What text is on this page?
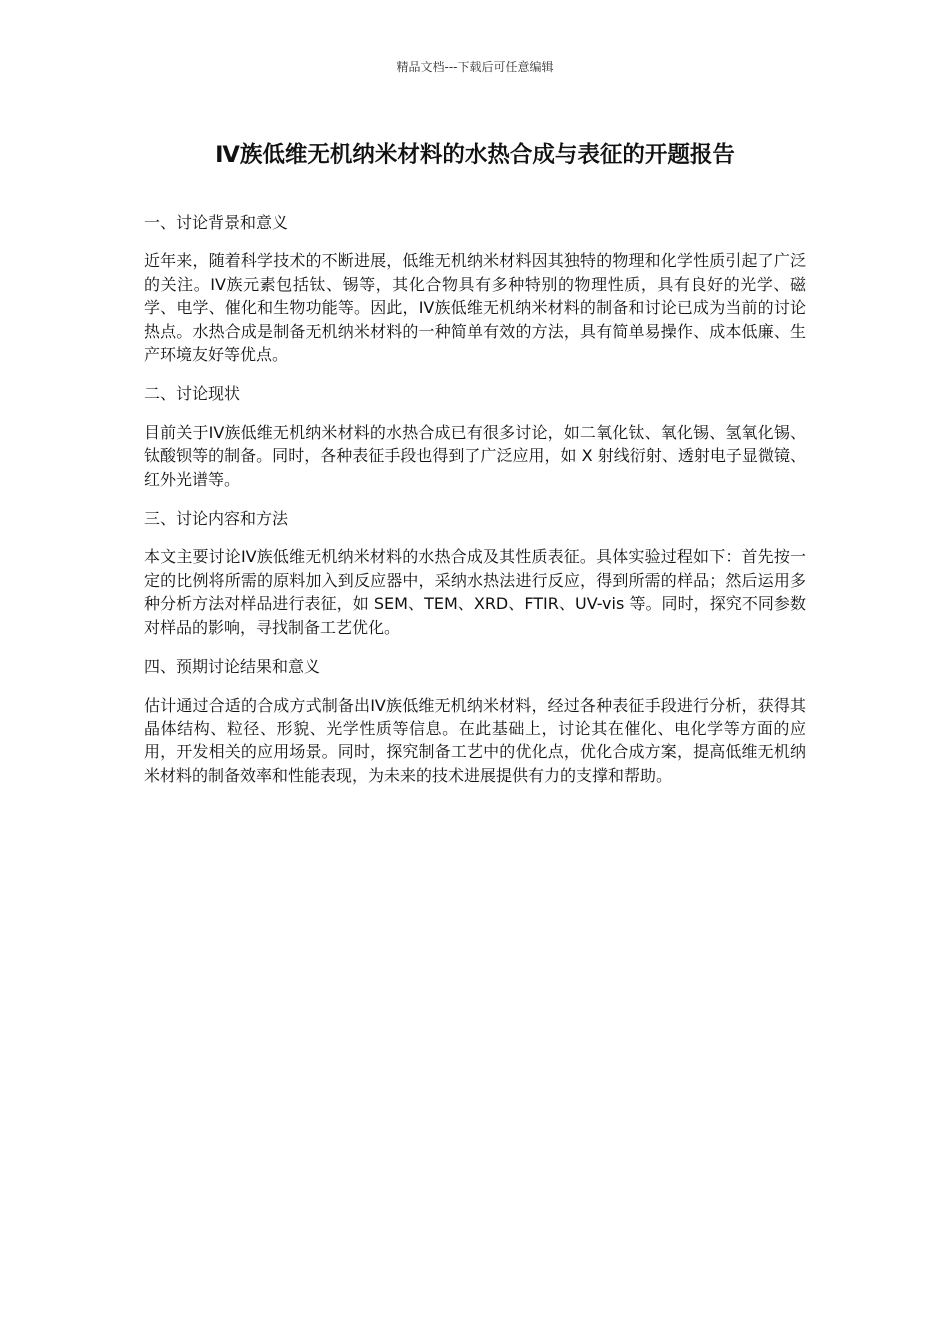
精品文档---下载后可任意编辑
Ⅳ族低维无机纳米材料的水热合成与表征的开题报告

一、讨论背景和意义

近年来，随着科学技术的不断进展，低维无机纳米材料因其独特的物理和化学性质引起了广泛的关注。IV族元素包括钛、锡等，其化合物具有多种特别的物理性质，具有良好的光学、磁学、电学、催化和生物功能等。因此，IV族低维无机纳米材料的制备和讨论已成为当前的讨论热点。水热合成是制备无机纳米材料的一种简单有效的方法，具有简单易操作、成本低廉、生产环境友好等优点。

二、讨论现状

目前关于IV族低维无机纳米材料的水热合成已有很多讨论，如二氧化钛、氧化锡、氢氧化锡、钛酸钡等的制备。同时，各种表征手段也得到了广泛应用，如 X 射线衍射、透射电子显微镜、红外光谱等。

三、讨论内容和方法

本文主要讨论IV族低维无机纳米材料的水热合成及其性质表征。具体实验过程如下：首先按一定的比例将所需的原料加入到反应器中，采纳水热法进行反应，得到所需的样品；然后运用多种分析方法对样品进行表征，如 SEM、TEM、XRD、FTIR、UV-vis 等。同时，探究不同参数对样品的影响，寻找制备工艺优化。

四、预期讨论结果和意义

估计通过合适的合成方式制备出IV族低维无机纳米材料，经过各种表征手段进行分析，获得其晶体结构、粒径、形貌、光学性质等信息。在此基础上，讨论其在催化、电化学等方面的应用，开发相关的应用场景。同时，探究制备工艺中的优化点，优化合成方案，提高低维无机纳米材料的制备效率和性能表现，为未来的技术进展提供有力的支撑和帮助。
